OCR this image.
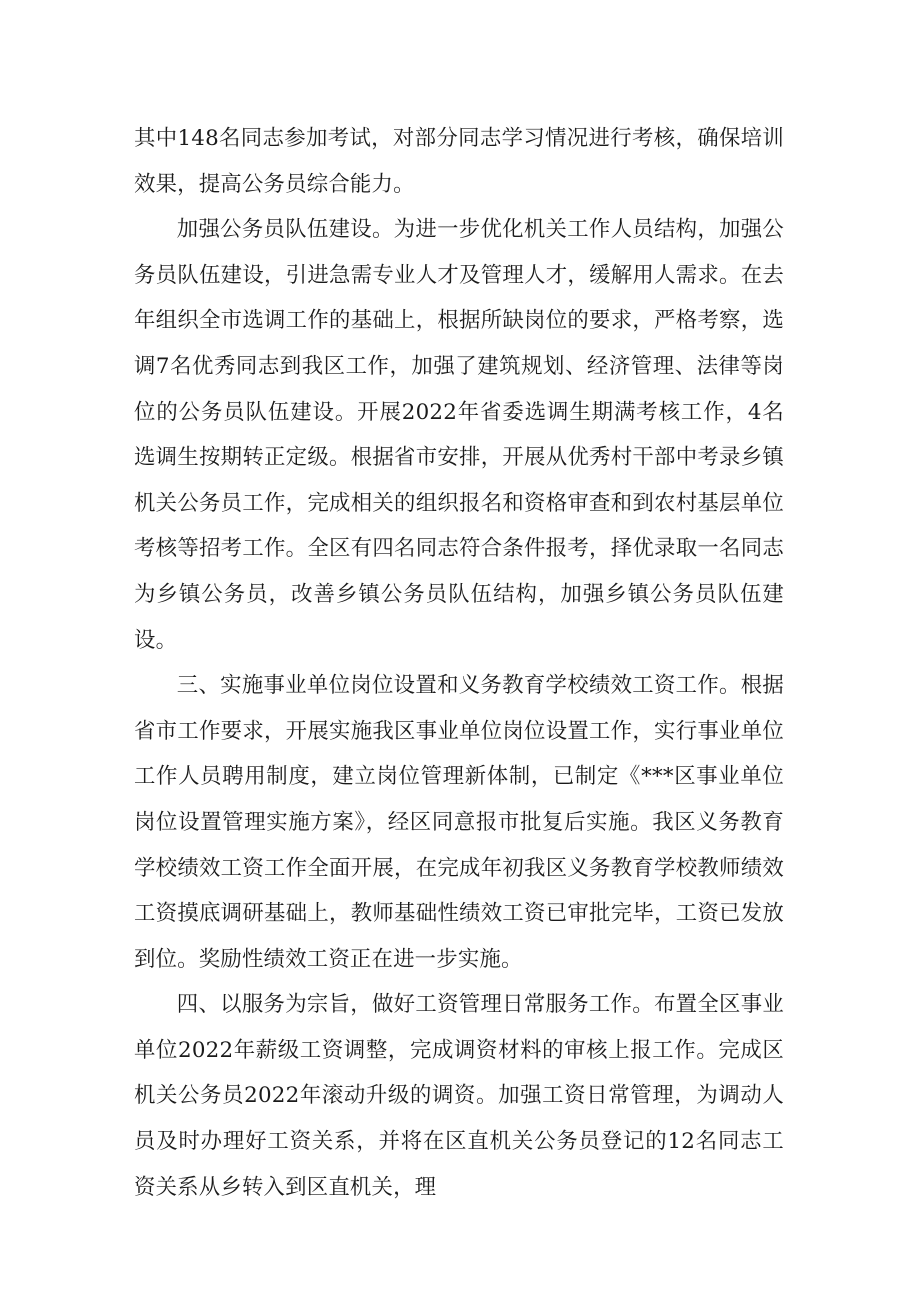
其中148名同志参加考试，对部分同志学习情况进行考核，确保培训效果，提高公务员综合能力。

加强公务员队伍建设。为进一步优化机关工作人员结构，加强公务员队伍建设，引进急需专业人才及管理人才，缓解用人需求。在去年组织全市选调工作的基础上，根据所缺岗位的要求，严格考察，选调7名优秀同志到我区工作，加强了建筑规划、经济管理、法律等岗位的公务员队伍建设。开展2022年省委选调生期满考核工作，4名选调生按期转正定级。根据省市安排，开展从优秀村干部中考录乡镇机关公务员工作，完成相关的组织报名和资格审查和到农村基层单位考核等招考工作。全区有四名同志符合条件报考，择优录取一名同志为乡镇公务员，改善乡镇公务员队伍结构，加强乡镇公务员队伍建设。

三、实施事业单位岗位设置和义务教育学校绩效工资工作。根据省市工作要求，开展实施我区事业单位岗位设置工作，实行事业单位工作人员聘用制度，建立岗位管理新体制，已制定《***区事业单位岗位设置管理实施方案》，经区同意报市批复后实施。我区义务教育学校绩效工资工作全面开展，在完成年初我区义务教育学校教师绩效工资摸底调研基础上，教师基础性绩效工资已审批完毕，工资已发放到位。奖励性绩效工资正在进一步实施。

四、以服务为宗旨，做好工资管理日常服务工作。布置全区事业单位2022年薪级工资调整，完成调资材料的审核上报工作。完成区机关公务员2022年滚动升级的调资。加强工资日常管理，为调动人员及时办理好工资关系，并将在区直机关公务员登记的12名同志工资关系从乡转入到区直机关，理
